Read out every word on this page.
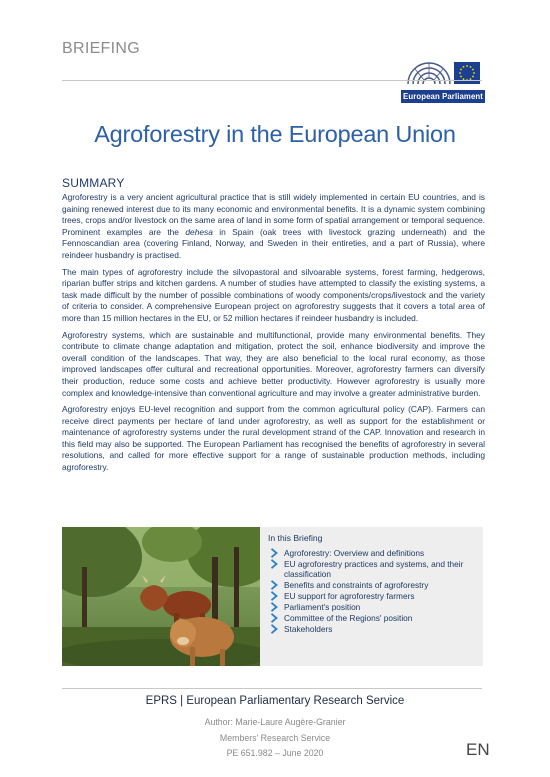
BRIEFING
European Parliament
Agroforestry in the European Union
SUMMARY

Agroforestry is a very ancient agricultural practice that is still widely implemented in certain EU countries, and is gaining renewed interest due to its many economic and environmental benefits. It is a dynamic system combining trees, crops and/or livestock on the same area of land in some form of spatial arrangement or temporal sequence. Prominent examples are the dehesa in Spain (oak trees with livestock grazing underneath) and the Fennoscandian area (covering Finland, Norway, and Sweden in their entireties, and a part of Russia), where reindeer husbandry is practised.

The main types of agroforestry include the silvopastoral and silvoarable systems, forest farming, hedgerows, riparian buffer strips and kitchen gardens. A number of studies have attempted to classify the existing systems, a task made difficult by the number of possible combinations of woody components/crops/livestock and the variety of criteria to consider. A comprehensive European project on agroforestry suggests that it covers a total area of more than 15 million hectares in the EU, or 52 million hectares if reindeer husbandry is included.

Agroforestry systems, which are sustainable and multifunctional, provide many environmental benefits. They contribute to climate change adaptation and mitigation, protect the soil, enhance biodiversity and improve the overall condition of the landscapes. That way, they are also beneficial to the local rural economy, as those improved landscapes offer cultural and recreational opportunities. Moreover, agroforestry farmers can diversify their production, reduce some costs and achieve better productivity. However agroforestry is usually more complex and knowledge-intensive than conventional agriculture and may involve a greater administrative burden.

Agroforestry enjoys EU-level recognition and support from the common agricultural policy (CAP). Farmers can receive direct payments per hectare of land under agroforestry, as well as support for the establishment or maintenance of agroforestry systems under the rural development strand of the CAP. Innovation and research in this field may also be supported. The European Parliament has recognised the benefits of agroforestry in several resolutions, and called for more effective support for a range of sustainable production methods, including agroforestry.

In this Briefing
Agroforestry: Overview and definitions
EU agroforestry practices and systems, and their classification
Benefits and constraints of agroforestry
EU support for agroforestry farmers
Parliament's position
Committee of the Regions' position
Stakeholders
EPRS | European Parliamentary Research Service
Author: Marie-Laure Augère-Granier
Members' Research Service
PE 651.982 – June 2020	EN
